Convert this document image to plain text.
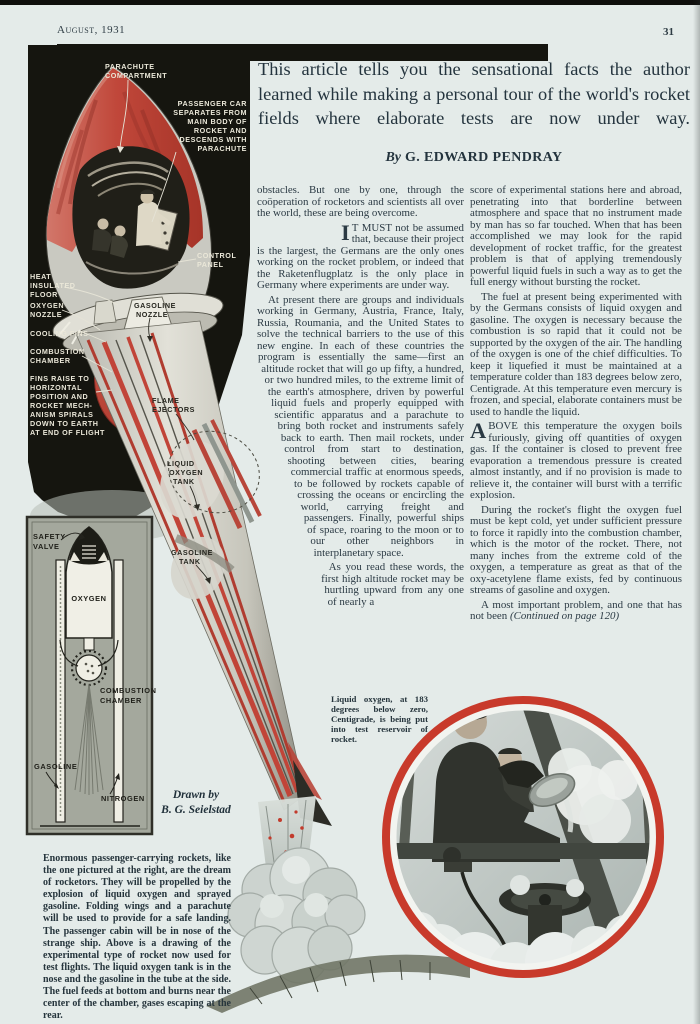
PARACHUTE
COMPARTMENT
PASSENGER CAR
SEPARATES FROM
MAIN BODY OF
ROCKET AND
DESCENDS WITH
PARACHUTE
CONTROL
PANEL
HEAT
INSULATED
FLOOR
OXYGEN
NOZZLE
COOLING FINS
COMBUSTION
CHAMBER
FINS RAISE TO
HORIZONTAL
POSITION AND
ROCKET MECH-
ANISM SPIRALS
DOWN TO EARTH
AT END OF FLIGHT
GASOLINE
NOZZLE
FLAME
EJECTORS
LIQUID
OXYGEN
TANK
GASOLINE
TANK
OXYGEN
SAFETY
VALVE
COMBUSTION
CHAMBER
GASOLINE
NITROGEN Drawn by
B. G. Seielstad
August, 1931	31
This article tells you the sensational facts the author learned while making a personal tour of the world's rocket fields where elaborate tests are now under way.
By G. EDWARD PENDRAY

obstacles. But one by one, through the coöperation of rocketors and scientists all over the world, these are being overcome.

I T MUST not be assumed that, because their project is the largest, the Germans are the only ones working on the rocket problem, or indeed that the Raketenflugplatz is the only place in Germany where experiments are under way.

At present there are groups and individuals working in Germany, Austria, France, Italy, Russia, Roumania, and the United States to solve the technical barriers to the use of this new engine. In each of these countries the program is essentially the same—first an altitude rocket that will go up fifty, a hundred, or two hundred miles, to the extreme limit of the earth's atmosphere, driven by powerful liquid fuels and properly equipped with scientific apparatus and a parachute to bring both rocket and instruments safely back to earth. Then mail rockets, under control from start to destination, shooting between cities, bearing commercial traffic at enormous speeds, to be followed by rockets capable of crossing the oceans or encircling the world, carrying freight and passengers. Finally, powerful ships of space, roaring to the moon or to our other neighbors in interplanetary space.

As you read these words, the first high altitude rocket may be hurtling upward from any one of nearly a

score of experimental stations here and abroad, penetrating into that borderline between atmosphere and space that no instrument made by man has so far touched. When that has been accomplished we may look for the rapid development of rocket traffic, for the greatest problem is that of applying tremendously powerful liquid fuels in such a way as to get the full energy without bursting the rocket.

The fuel at present being experimented with by the Germans consists of liquid oxygen and gasoline. The oxygen is necessary because the combustion is so rapid that it could not be supported by the oxygen of the air. The handling of the oxygen is one of the chief difficulties. To keep it liquefied it must be maintained at a temperature colder than 183 degrees below zero, Centigrade. At this temperature even mercury is frozen, and special, elaborate containers must be used to handle the liquid.

ABOVE this temperature the oxygen boils furiously, giving off quantities of oxygen gas. If the container is closed to prevent free evaporation a tremendous pressure is created almost instantly, and if no provision is made to relieve it, the container will burst with a terrific explosion.

During the rocket's flight the oxygen fuel must be kept cold, yet under sufficient pressure to force it rapidly into the combustion chamber, which is the motor of the rocket. There, not many inches from the extreme cold of the oxygen, a temperature as great as that of the oxy-acetylene flame exists, fed by continuous streams of gasoline and oxygen.

A most important problem, and one that has not been (Continued on page 120)

Liquid oxygen, at 183 degrees below zero, Centigrade, is being put into test reservoir of rocket.
Enormous passenger-carrying rockets, like the one pictured at the right, are the dream of rocketors. They will be propelled by the explosion of liquid oxygen and sprayed gasoline. Folding wings and a parachute will be used to provide for a safe landing. The passenger cabin will be in nose of the strange ship. Above is a drawing of the experimental type of rocket now used for test flights. The liquid oxygen tank is in the nose and the gasoline in the tube at the side. The fuel feeds at bottom and burns near the center of the chamber, gases escaping at the rear.
